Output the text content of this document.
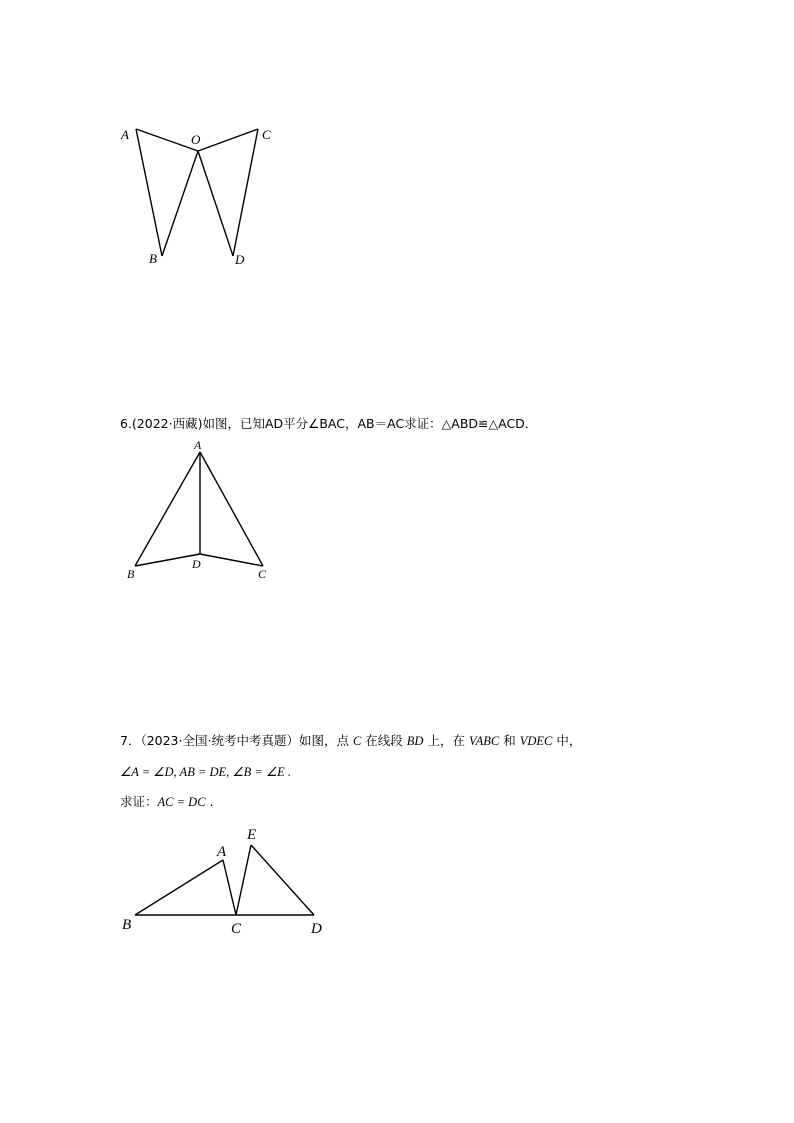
A	O	C
B	D
6.(2022·西藏)如图，已知AD平分∠BAC，AB＝AC求证：△ABD≌△ACD．
A
B
D
C
7．（2023·全国·统考中考真题）如图，点 C 在线段 BD 上，在 VABC 和 VDEC 中，
∠A = ∠D, AB = DE, ∠B = ∠E .
求证：AC = DC .
A
E
B	C	D
